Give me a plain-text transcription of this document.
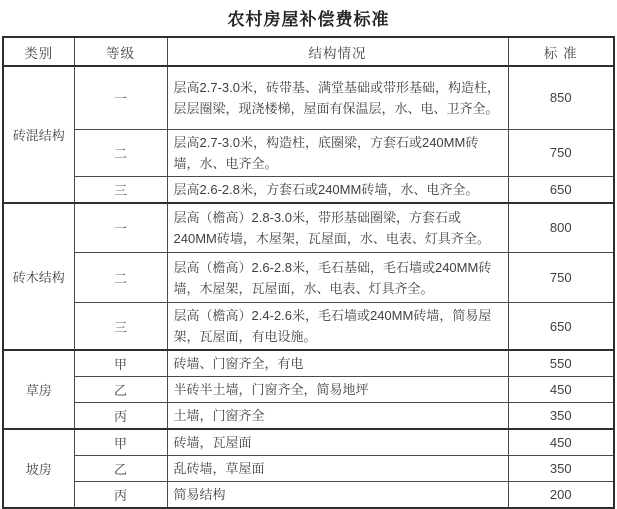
农村房屋补偿费标准
类别	等级	结构情况	标 准
砖混结构	一	层高2.7-3.0米，砖带基、满堂基础或带形基础，构造柱，层层圈梁，现浇楼梯，屋面有保温层，水、电、卫齐全。	850
	二	层高2.7-3.0米，构造柱，底圈梁，方套石或240MM砖墙，水、电齐全。	750
	三	层高2.6-2.8米，方套石或240MM砖墙，水、电齐全。	650
砖木结构	一	层高（檐高）2.8-3.0米，带形基础圈梁，方套石或240MM砖墙，木屋架，瓦屋面，水、电表、灯具齐全。	800
	二	层高（檐高）2.6-2.8米，毛石基础，毛石墙或240MM砖墙，木屋架，瓦屋面，水、电表、灯具齐全。	750
	三	层高（檐高）2.4-2.6米，毛石墙或240MM砖墙，简易屋架，瓦屋面，有电设施。	650
草房	甲	砖墙、门窗齐全，有电	550
	乙	半砖半土墙，门窗齐全，简易地坪	450
	丙	土墙，门窗齐全	350
坡房	甲	砖墙，瓦屋面	450
	乙	乱砖墙，草屋面	350
	丙	简易结构	200
